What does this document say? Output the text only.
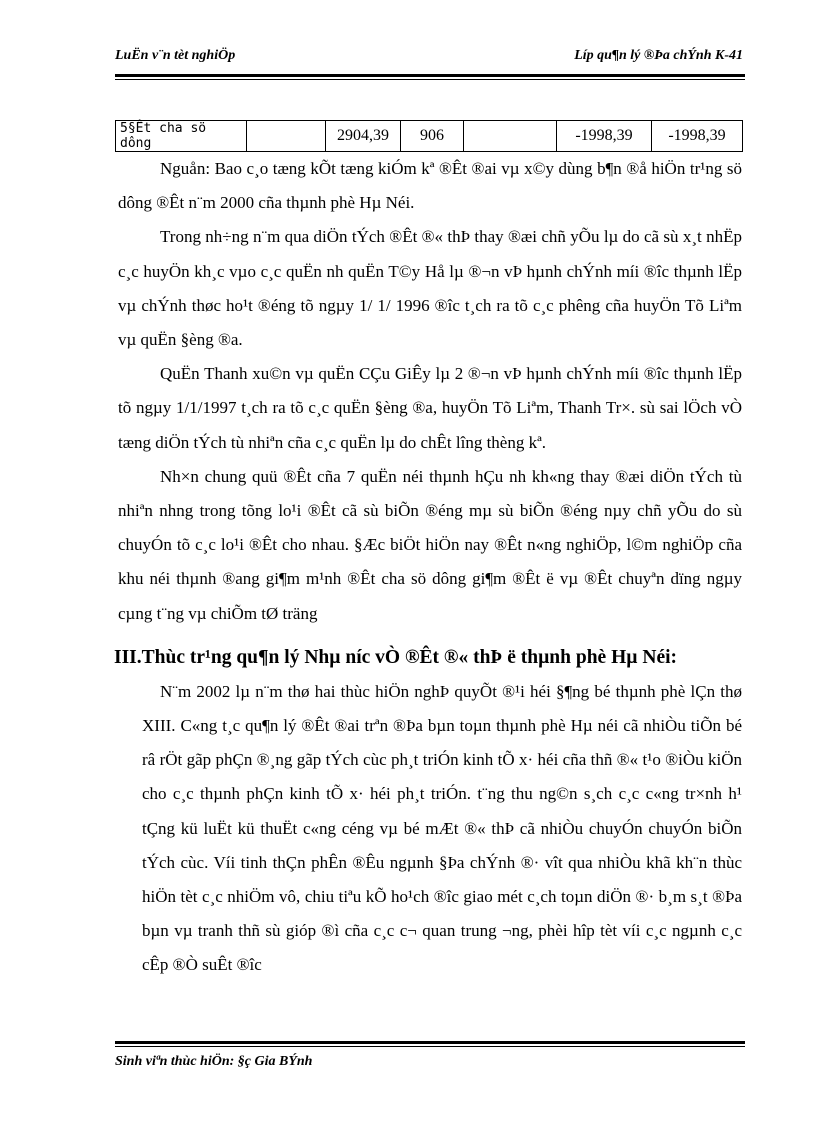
LuËn v¨n tèt nghiÖp	Líp qu¶n lý ®Þa chÝnh K-41
5§Êt cha sö dông		2904,39	906		-1998,39	-1998,39

Nguån: Bao c¸o tæng kÕt tæng kiÓm kª ®Êt ®ai vµ x©y dùng b¶n ®å hiÖn tr¹ng sö dông ®Êt n¨m 2000 cña thµnh phè Hµ Néi.

Trong nh÷ng n¨m qua diÖn tÝch ®Êt ®« thÞ thay ®æi chñ yÕu lµ do cã sù x¸t nhËp c¸c huyÖn kh¸c vµo c¸c quËn nh quËn T©y Hå lµ ®¬n vÞ hµnh chÝnh míi ®îc thµnh lËp vµ chÝnh thøc ho¹t ®éng tõ ngµy 1/ 1/ 1996 ®îc t¸ch ra tõ c¸c phêng cña huyÖn Tõ Liªm vµ quËn §èng ®a.

QuËn Thanh xu©n vµ quËn CÇu GiÊy lµ 2 ®¬n vÞ hµnh chÝnh míi ®îc thµnh lËp tõ ngµy 1/1/1997 t¸ch ra tõ c¸c quËn §èng ®a, huyÖn Tõ Liªm, Thanh Tr×. sù sai lÖch vÒ tæng diÖn tÝch tù nhiªn cña c¸c quËn lµ do chÊt lîng thèng kª.

Nh×n chung quü ®Êt cña 7 quËn néi thµnh hÇu nh kh«ng thay ®æi diÖn tÝch tù nhiªn nhng trong tõng lo¹i ®Êt cã sù biÕn ®éng mµ sù biÕn ®éng nµy chñ yÕu do sù chuyÓn tõ c¸c lo¹i ®Êt cho nhau. §Æc biÖt hiÖn nay ®Êt n«ng nghiÖp, l©m nghiÖp cña khu néi thµnh ®ang gi¶m m¹nh ®Êt cha sö dông gi¶m ®Êt ë vµ ®Êt chuyªn dïng ngµy cµng t¨ng vµ chiÕm tØ träng

III.Thùc tr¹ng qu¶n lý Nhµ níc vÒ ®Êt ®« thÞ ë thµnh phè Hµ Néi:

N¨m 2002 lµ n¨m thø hai thùc hiÖn nghÞ quyÕt ®¹i héi §¶ng bé thµnh phè lÇn thø XIII. C«ng t¸c qu¶n lý ®Êt ®ai trªn ®Þa bµn toµn thµnh phè Hµ néi cã nhiÒu tiÕn bé râ rÖt gãp phÇn ®¸ng gãp tÝch cùc ph¸t triÓn kinh tÕ x· héi cña thñ ®« t¹o ®iÒu kiÖn cho c¸c thµnh phÇn kinh tÕ x· héi ph¸t triÓn. t¨ng thu ng©n s¸ch c¸c c«ng tr×nh h¹ tÇng kü luËt kü thuËt c«ng céng vµ bé mÆt ®« thÞ cã nhiÒu chuyÓn chuyÓn biÕn tÝch cùc. Víi tinh thÇn phÊn ®Êu ngµnh §Þa chÝnh ®· vît qua nhiÒu khã kh¨n thùc hiÖn tèt c¸c nhiÖm vô, chiu tiªu kÕ ho¹ch ®îc giao mét c¸ch toµn diÖn ®· b¸m s¸t ®Þa bµn vµ tranh thñ sù gióp ®ì cña c¸c c¬ quan trung ¬ng, phèi hîp tèt víi c¸c ngµnh c¸c cÊp ®Ò suÊt ®îc

Sinh viªn thùc hiÖn: §ç Gia BÝnh
